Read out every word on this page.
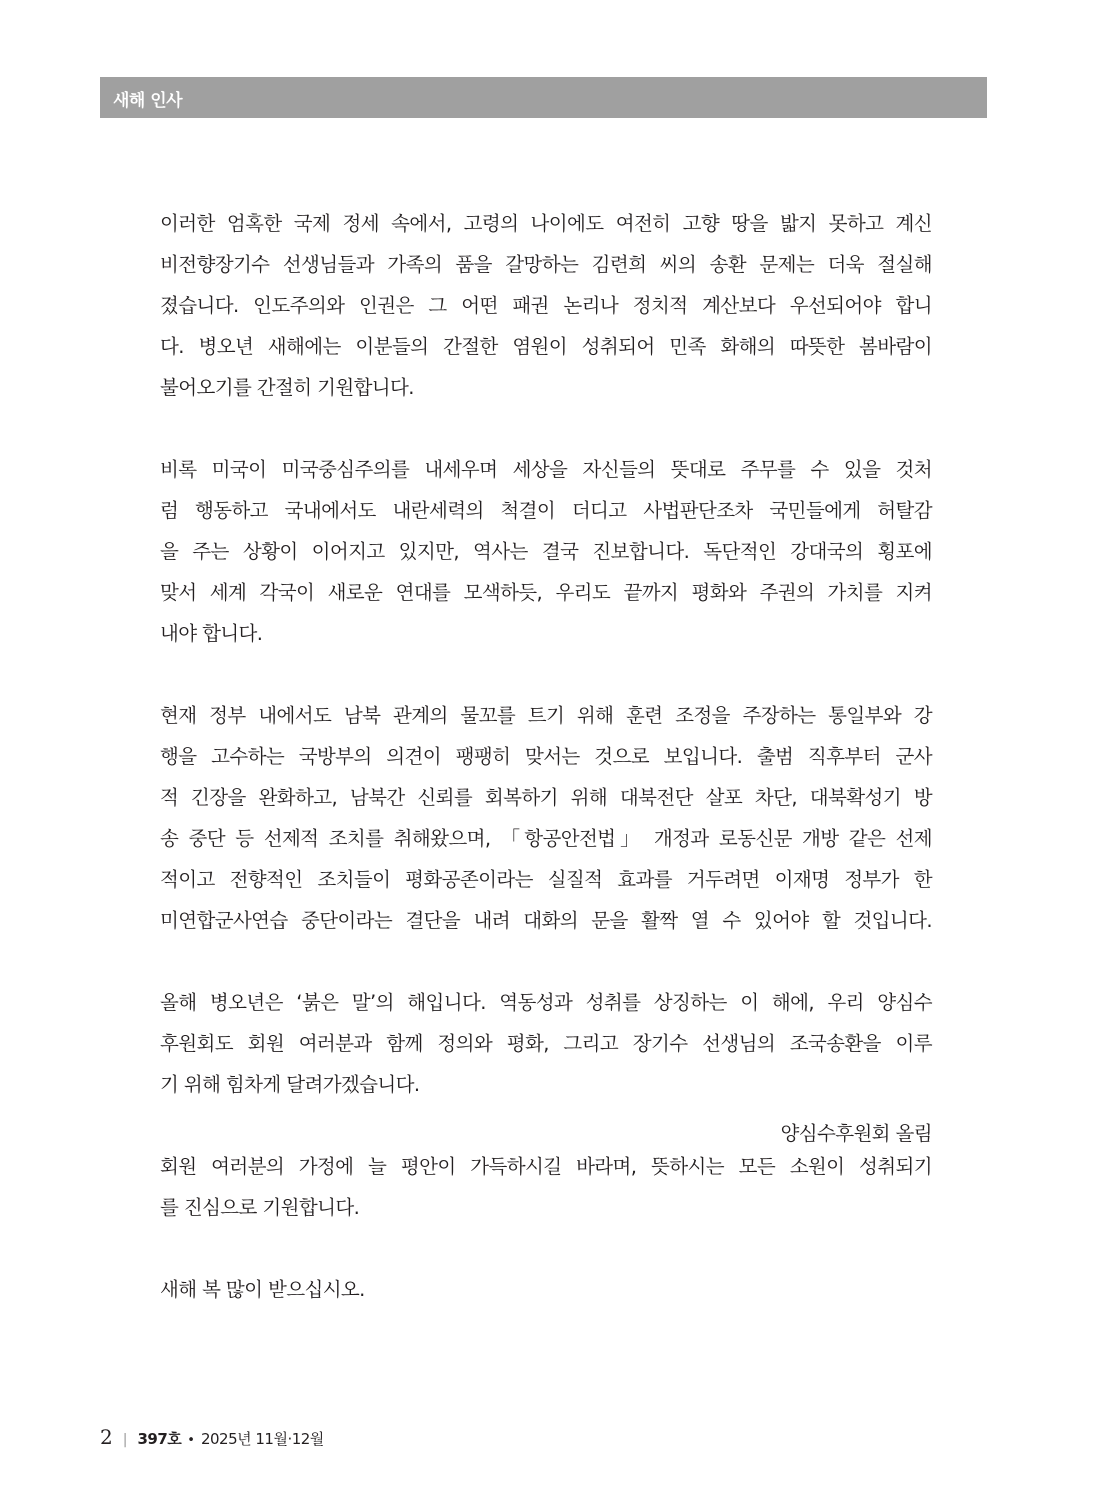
새해 인사

이러한 엄혹한 국제 정세 속에서, 고령의 나이에도 여전히 고향 땅을 밟지 못하고 계신
비전향장기수 선생님들과 가족의 품을 갈망하는 김련희 씨의 송환 문제는 더욱 절실해
졌습니다. 인도주의와 인권은 그 어떤 패권 논리나 정치적 계산보다 우선되어야 합니
다. 병오년 새해에는 이분들의 간절한 염원이 성취되어 민족 화해의 따뜻한 봄바람이
불어오기를 간절히 기원합니다.

비록 미국이 미국중심주의를 내세우며 세상을 자신들의 뜻대로 주무를 수 있을 것처
럼 행동하고 국내에서도 내란세력의 척결이 더디고 사법판단조차 국민들에게 허탈감
을 주는 상황이 이어지고 있지만, 역사는 결국 진보합니다. 독단적인 강대국의 횡포에
맞서 세계 각국이 새로운 연대를 모색하듯, 우리도 끝까지 평화와 주권의 가치를 지켜
내야 합니다.

현재 정부 내에서도 남북 관계의 물꼬를 트기 위해 훈련 조정을 주장하는 통일부와 강
행을 고수하는 국방부의 의견이 팽팽히 맞서는 것으로 보입니다. 출범 직후부터 군사
적 긴장을 완화하고, 남북간 신뢰를 회복하기 위해 대북전단 살포 차단, 대북확성기 방
송 중단 등 선제적 조치를 취해왔으며, 「항공안전법」 개정과 로동신문 개방 같은 선제
적이고 전향적인 조치들이 평화공존이라는 실질적 효과를 거두려면 이재명 정부가 한
미연합군사연습 중단이라는 결단을 내려 대화의 문을 활짝 열 수 있어야 할 것입니다.

올해 병오년은 ‘붉은 말’의 해입니다. 역동성과 성취를 상징하는 이 해에, 우리 양심수
후원회도 회원 여러분과 함께 정의와 평화, 그리고 장기수 선생님의 조국송환을 이루
기 위해 힘차게 달려가겠습니다.

회원 여러분의 가정에 늘 평안이 가득하시길 바라며, 뜻하시는 모든 소원이 성취되기
를 진심으로 기원합니다.

새해 복 많이 받으십시오.

양심수후원회 올림
2 | 397호 • 2025년 11월·12월
